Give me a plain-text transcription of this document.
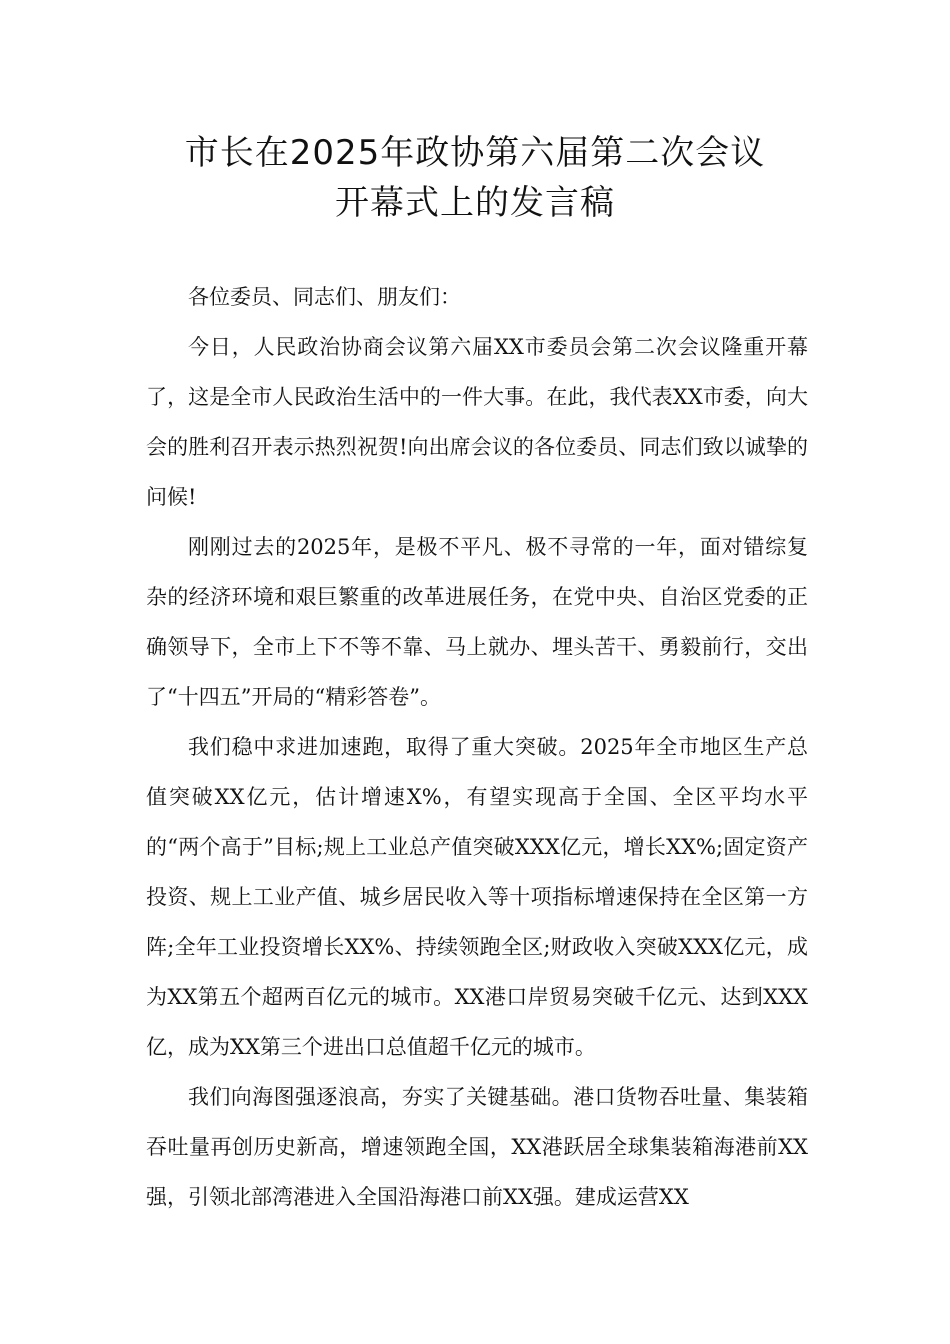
市长在2025年政协第六届第二次会议
开幕式上的发言稿

各位委员、同志们、朋友们：

今日，人民政治协商会议第六届XX市委员会第二次会议隆重开幕了，这是全市人民政治生活中的一件大事。在此，我代表XX市委，向大会的胜利召开表示热烈祝贺!向出席会议的各位委员、同志们致以诚挚的问候!

刚刚过去的2025年，是极不平凡、极不寻常的一年，面对错综复杂的经济环境和艰巨繁重的改革进展任务，在党中央、自治区党委的正确领导下，全市上下不等不靠、马上就办、埋头苦干、勇毅前行，交出了“十四五”开局的“精彩答卷”。

我们稳中求进加速跑，取得了重大突破。2025年全市地区生产总值突破XX亿元，估计增速X%，有望实现高于全国、全区平均水平的“两个高于”目标;规上工业总产值突破XXX亿元，增长XX%;固定资产投资、规上工业产值、城乡居民收入等十项指标增速保持在全区第一方阵;全年工业投资增长XX%、持续领跑全区;财政收入突破XXX亿元，成为XX第五个超两百亿元的城市。XX港口岸贸易突破千亿元、达到XXX亿，成为XX第三个进出口总值超千亿元的城市。

我们向海图强逐浪高，夯实了关键基础。港口货物吞吐量、集装箱吞吐量再创历史新高，增速领跑全国，XX港跃居全球集装箱海港前XX强，引领北部湾港进入全国沿海港口前XX强。建成运营XX
